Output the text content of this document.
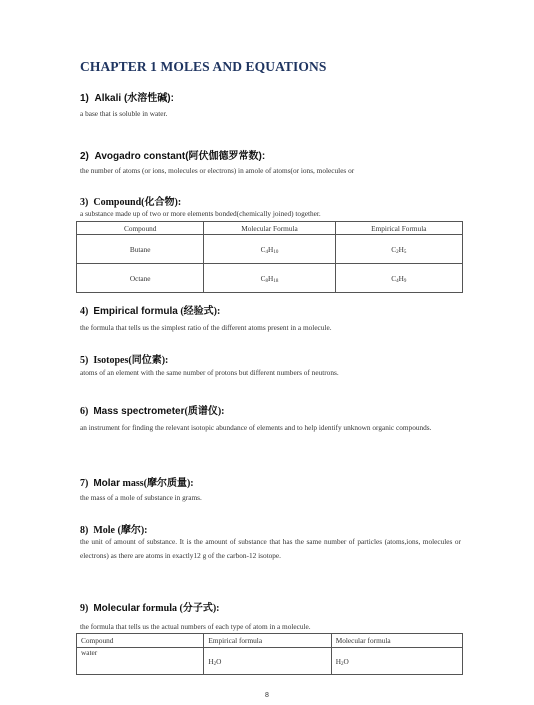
CHAPTER 1 MOLES AND EQUATIONS
1) Alkali (水溶性碱):
a base that is soluble in water.
2) Avogadro constant(阿伏伽德罗常数):
the number of atoms (or ions, molecules or electrons) in amole of atoms(or ions, molecules or
3) Compound(化合物):
a substance made up of two or more elements bonded(chemically joined) together.
Compound	Molecular Formula	Empirical Formula
Butane	$C_4H_{10}$	$C_2H_5$
Octane	$C_8H_{18}$	$C_4H_9$
4) Empirical formula (经验式):
the formula that tells us the simplest ratio of the different atoms present in a molecule.
5) Isotopes(同位素):
atoms of an element with the same number of protons but different numbers of neutrons.
6) Mass spectrometer(质谱仪):
an instrument for finding the relevant isotopic abundance of elements and to help identify unknown organic compounds.
7) Molar mass(摩尔质量):
the mass of a mole of substance in grams.
8) Mole (摩尔):
the unit of amount of substance. It is the amount of substance that has the same number of particles (atoms,ions, molecules or electrons) as there are atoms in exactly12 g of the carbon-12 isotope.
9) Molecular formula (分子式):
the formula that tells us the actual numbers of each type of atom in a molecule.
Compound	Empirical formula	Molecular formula
water	$H_2O$	$H_2O$
8
